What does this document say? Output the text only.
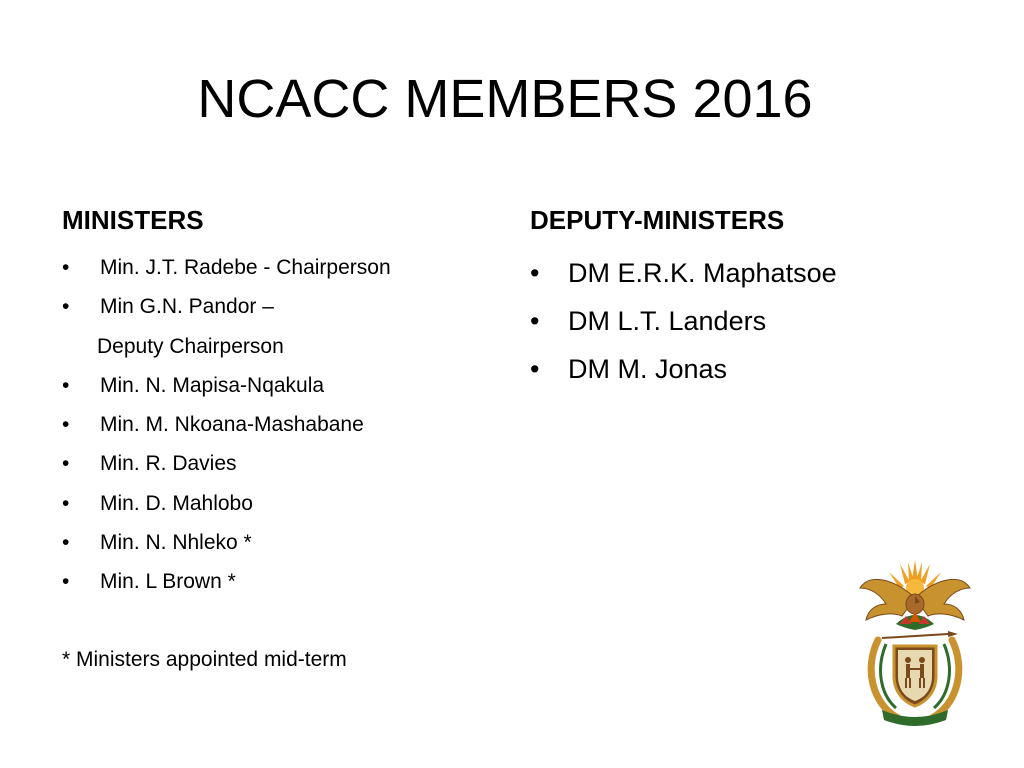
NCACC MEMBERS 2016
MINISTERS
• Min. J.T. Radebe - Chairperson
• Min G.N. Pandor –
Deputy Chairperson
• Min. N. Mapisa-Nqakula
• Min. M. Nkoana-Mashabane
• Min. R. Davies
• Min. D. Mahlobo
• Min. N. Nhleko *
• Min. L Brown *

* Ministers appointed mid-term

DEPUTY-MINISTERS
• DM E.R.K. Maphatsoe
• DM L.T. Landers
• DM M. Jonas
